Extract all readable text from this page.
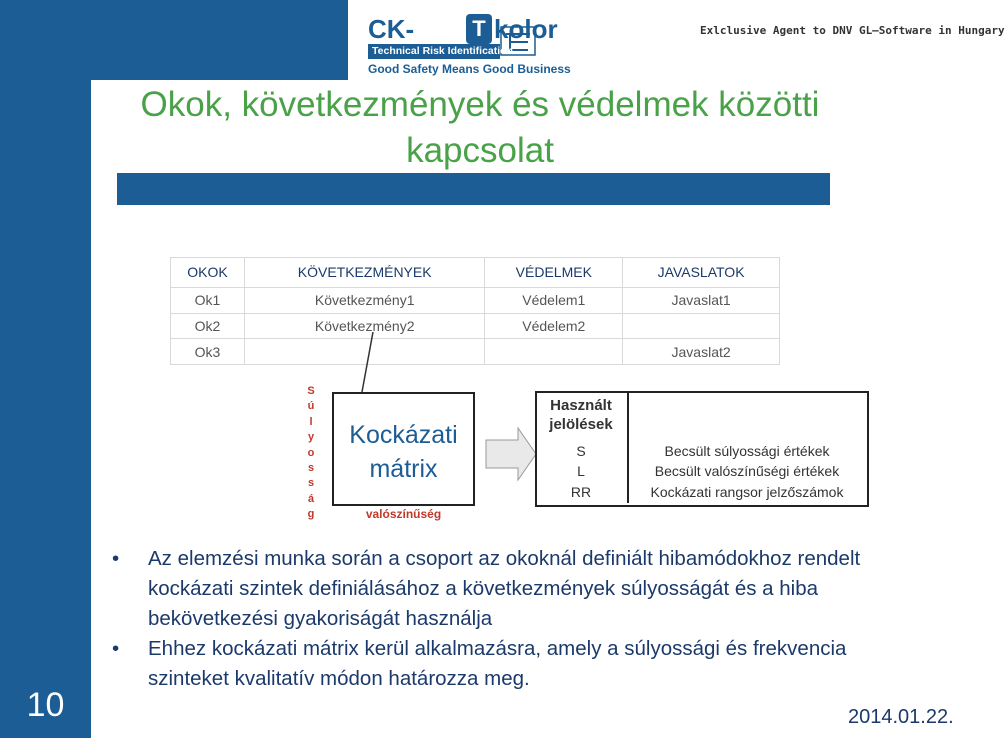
10
CK-	T kolor
Technical Risk Identification
Good Safety Means Good Business
Exlclusive Agent to DNV GL—Software in Hungary
Okok, következmények és védelmek közötti kapcsolat
OKOK	KÖVETKEZMÉNYEK	VÉDELMEK	JAVASLATOK
Ok1	Következmény1	Védelem1	Javaslat1
Ok2	Következmény2	Védelem2	
Ok3			Javaslat2
S
ú
l
y
o
s
s
á
g
Kockázati
mátrix
valószínűség
Használt
jelölések
S	Becsült súlyossági értékek
L	Becsült valószínűségi értékek
RR	Kockázati rangsor jelzőszámok
• Az elemzési munka során a csoport az okoknál definiált hibamódokhoz rendelt kockázati szintek definiálásához a következmények súlyosságát és a hiba bekövetkezési gyakoriságát használja
• Ehhez kockázati mátrix kerül alkalmazásra, amely a súlyossági és frekvencia szinteket kvalitatív módon határozza meg.
2014.01.22.
